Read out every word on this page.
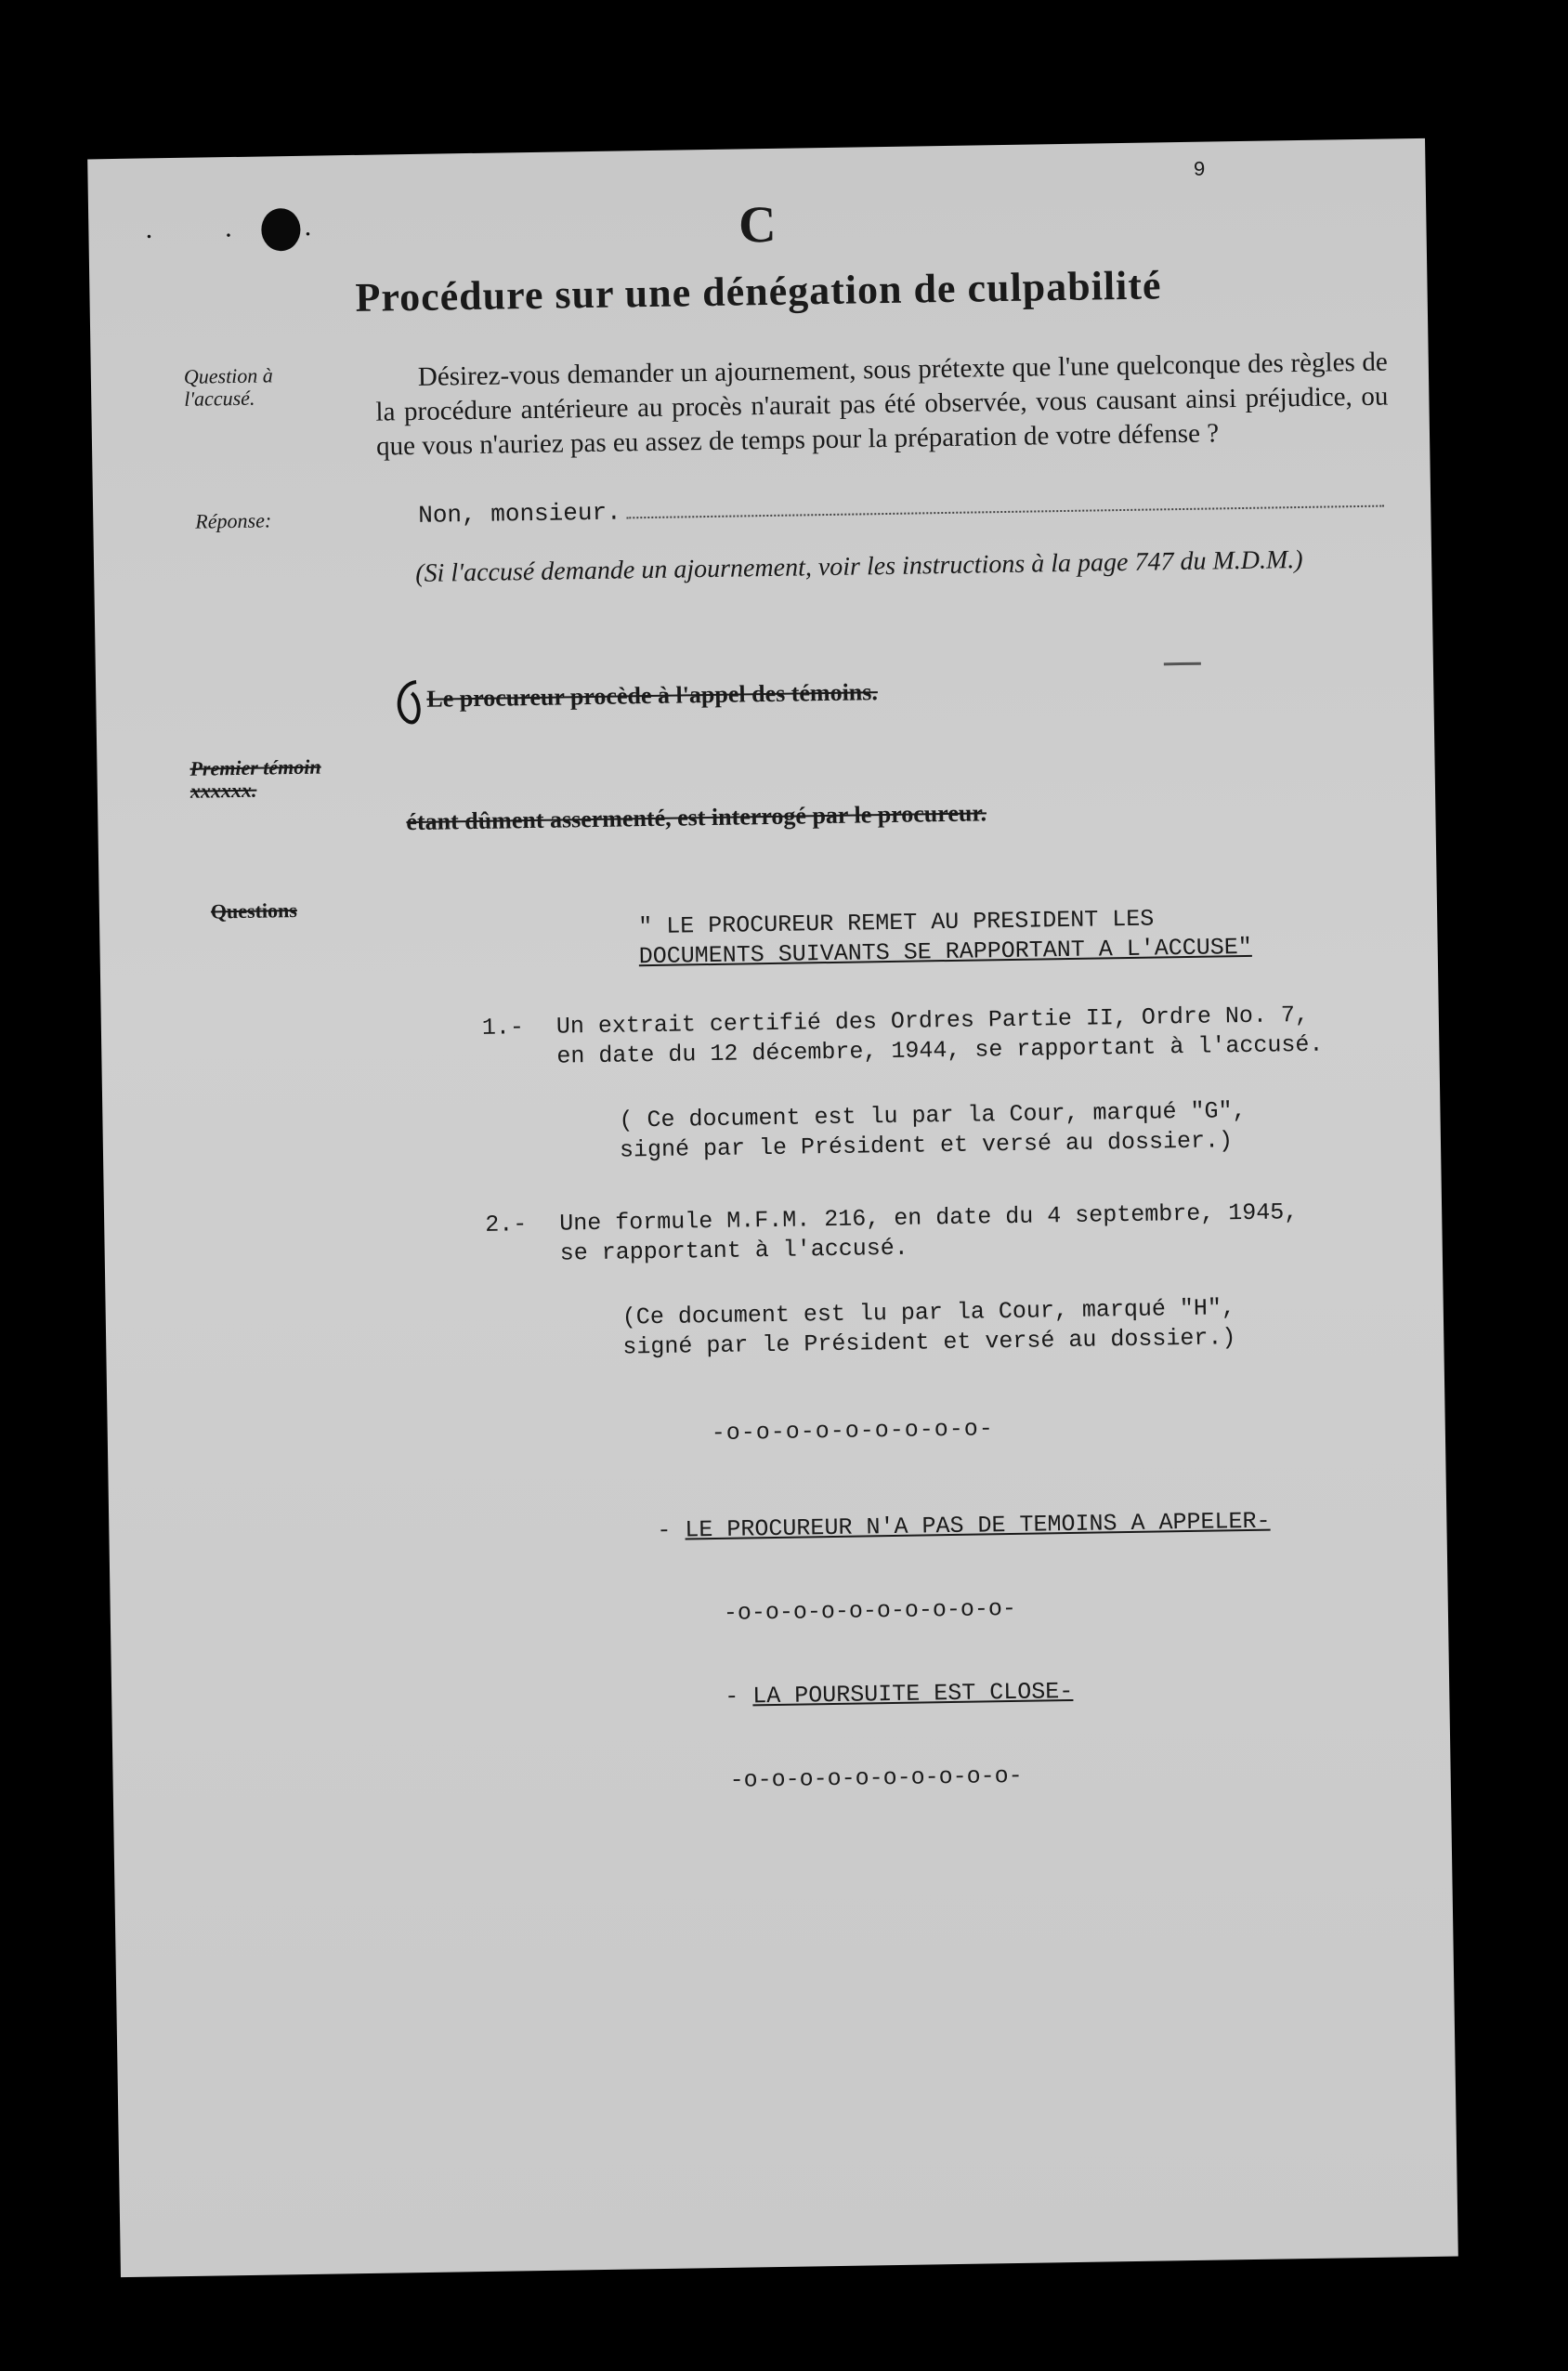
· · ·
9
C
Procédure sur une dénégation de culpabilité
Question à l'accusé.
Désirez-vous demander un ajournement, sous prétexte que l'une quelconque des règles de la procédure antérieure au procès n'aurait pas été observée, vous causant ainsi préjudice, ou que vous n'auriez pas eu assez de temps pour la préparation de votre défense ?
Réponse:	Non, monsieur.
(Si l'accusé demande un ajournement, voir les instructions à la page 747 du M.D.M.)
Le procureur procède à l'appel des témoins.
Premier témoin xxxxxx.
étant dûment assermenté, est interrogé par le procureur.
Questions	" LE PROCUREUR REMET AU PRESIDENT LES
DOCUMENTS SUIVANTS SE RAPPORTANT A L'ACCUSE"
1.- Un extrait certifié des Ordres Partie II, Ordre No. 7,
en date du 12 décembre, 1944, se rapportant à l'accusé.
( Ce document est lu par la Cour, marqué "G",
signé par le Président et versé au dossier.)
2.- Une formule M.F.M. 216, en date du 4 septembre, 1945,
se rapportant à l'accusé.
(Ce document est lu par la Cour, marqué "H",
signé par le Président et versé au dossier.)
-o-o-o-o-o-o-o-o-o-
- LE PROCUREUR N'A PAS DE TEMOINS A APPELER-
-o-o-o-o-o-o-o-o-o-o-
- LA POURSUITE EST CLOSE-
-o-o-o-o-o-o-o-o-o-o-
